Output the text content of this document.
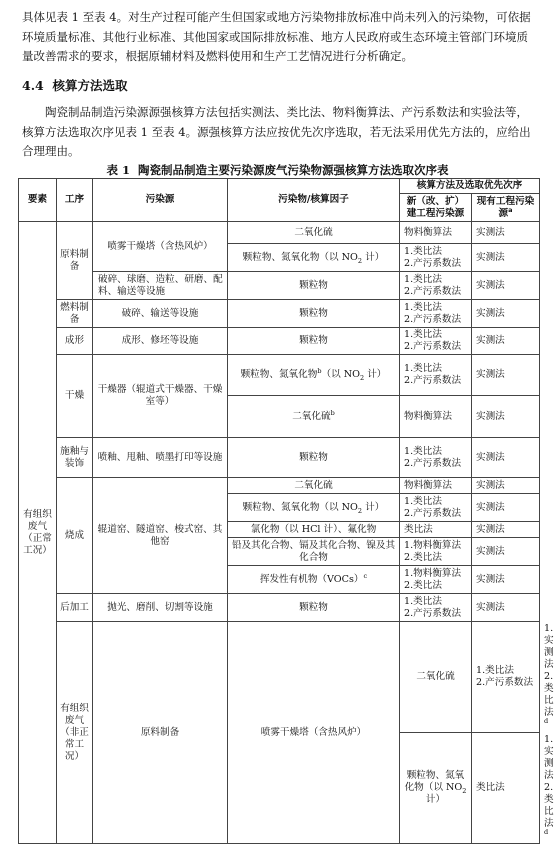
具体见表 1 至表 4。对生产过程可能产生但国家或地方污染物排放标准中尚未列入的污染物，可依据环境质量标准、其他行业标准、其他国家或国际排放标准、地方人民政府或生态环境主管部门环境质量改善需求的要求，根据原辅材料及燃料使用和生产工艺情况进行分析确定。

4.4 核算方法选取

陶瓷制品制造污染源源强核算方法包括实测法、类比法、物料衡算法、产污系数法和实验法等，核算方法选取次序见表 1 至表 4。源强核算方法应按优先次序选取，若无法采用优先方法的，应给出合理理由。

表 1 陶瓷制品制造主要污染源废气污染物源强核算方法选取次序表

要素	工序	污染源	污染物/核算因子	核算方法及选取优先次序		
				新（改、扩）建工程污染源	现有工程污染源$^a$
有组织废气（正常工况）	原料制备	喷雾干燥塔（含热风炉）	二氧化硫	物料衡算法	实测法	
			颗粒物、氮氧化物（以 $NO_2$ 计）	1.类比法
2.产污系数法	实测法	
		破碎、球磨、造粒、研磨、配料、输送等设施	颗粒物	1.类比法
2.产污系数法	实测法	
	燃料制备	破碎、输送等设施	颗粒物	1.类比法
2.产污系数法	实测法	
	成形	成形、修坯等设施	颗粒物	1.类比法
2.产污系数法	实测法	
	干燥	干燥器（辊道式干燥器、干燥室等）	颗粒物、氮氧化物$^b$（以 $NO_2$ 计）	1.类比法
2.产污系数法	实测法	
			二氧化硫$^b$	物料衡算法	实测法	
	施釉与装饰	喷釉、甩釉、喷墨打印等设施	颗粒物	1.类比法
2.产污系数法	实测法	
	烧成	辊道窑、隧道窑、梭式窑、其他窑	二氧化硫	物料衡算法	实测法	
			颗粒物、氮氧化物（以 $NO_2$ 计）	1.类比法
2.产污系数法	实测法	
			氯化物（以 HCl 计）、氟化物	类比法	实测法	
			铅及其化合物、镉及其化合物、镍及其化合物	1.物料衡算法
2.类比法	实测法	
			挥发性有机物（VOCs）$^c$	1.物料衡算法
2.类比法	实测法	
	后加工	抛光、磨削、切割等设施	颗粒物	1.类比法
2.产污系数法	实测法	
	有组织废气（非正常工况）	原料制备	喷雾干燥塔（含热风炉）	二氧化硫	1.类比法
2.产污系数法	1.实测法
2.类比法$^d$

				颗粒物、氮氧化物（以 $NO_2$ 计）	类比法	1.实测法
2.类比法$^d$
